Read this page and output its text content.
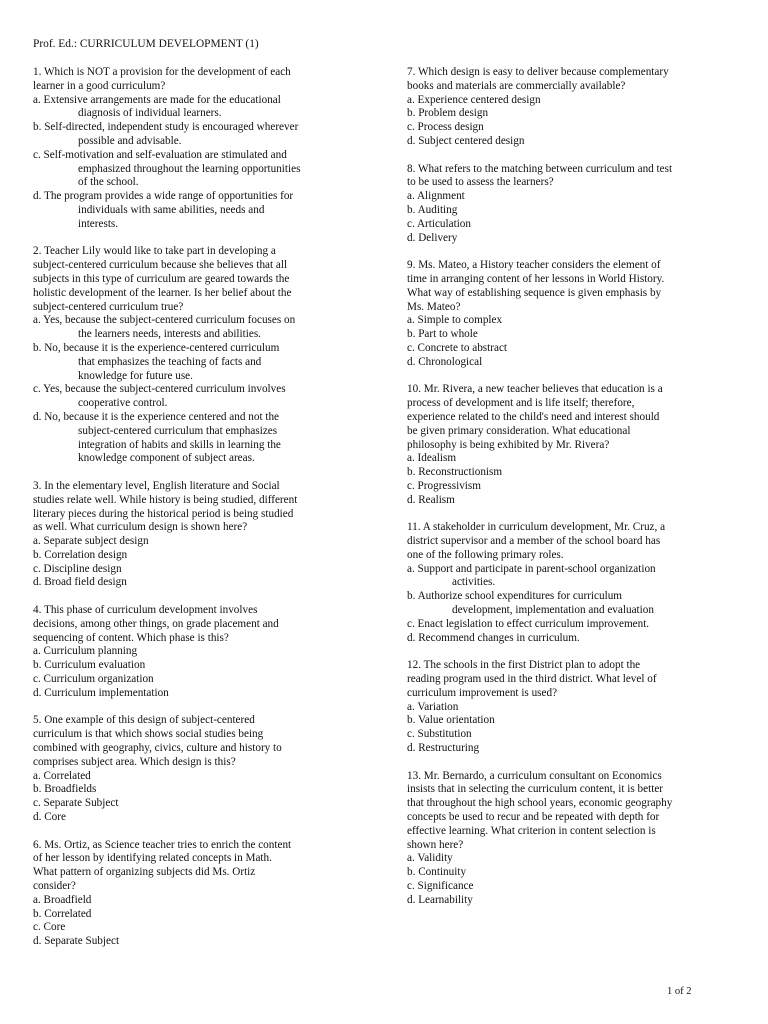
Prof. Ed.: CURRICULUM DEVELOPMENT (1)
1. Which is NOT a provision for the development of each
learner in a good curriculum?
a. Extensive arrangements are made for the educational
diagnosis of individual learners.
b. Self-directed, independent study is encouraged wherever
possible and advisable.
c. Self-motivation and self-evaluation are stimulated and
emphasized throughout the learning opportunities
of the school.
d. The program provides a wide range of opportunities for
individuals with same abilities, needs and
interests.
2. Teacher Lily would like to take part in developing a
subject-centered curriculum because she believes that all
subjects in this type of curriculum are geared towards the
holistic development of the learner. Is her belief about the
subject-centered curriculum true?
a. Yes, because the subject-centered curriculum focuses on
the learners needs, interests and abilities.
b. No, because it is the experience-centered curriculum
that emphasizes the teaching of facts and
knowledge for future use.
c. Yes, because the subject-centered curriculum involves
cooperative control.
d. No, because it is the experience centered and not the
subject-centered curriculum that emphasizes
integration of habits and skills in learning the
knowledge component of subject areas.
3. In the elementary level, English literature and Social
studies relate well. While history is being studied, different
literary pieces during the historical period is being studied
as well. What curriculum design is shown here?
a. Separate subject design
b. Correlation design
c. Discipline design
d. Broad field design
4. This phase of curriculum development involves
decisions, among other things, on grade placement and
sequencing of content. Which phase is this?
a. Curriculum planning
b. Curriculum evaluation
c. Curriculum organization
d. Curriculum implementation
5. One example of this design of subject-centered
curriculum is that which shows social studies being
combined with geography, civics, culture and history to
comprises subject area. Which design is this?
a. Correlated
b. Broadfields
c. Separate Subject
d. Core
6. Ms. Ortiz, as Science teacher tries to enrich the content
of her lesson by identifying related concepts in Math.
What pattern of organizing subjects did Ms. Ortiz
consider?
a. Broadfield
b. Correlated
c. Core
d. Separate Subject
7. Which design is easy to deliver because complementary
books and materials are commercially available?
a. Experience centered design
b. Problem design
c. Process design
d. Subject centered design
8. What refers to the matching between curriculum and test
to be used to assess the learners?
a. Alignment
b. Auditing
c. Articulation
d. Delivery
9. Ms. Mateo, a History teacher considers the element of
time in arranging content of her lessons in World History.
What way of establishing sequence is given emphasis by
Ms. Mateo?
a. Simple to complex
b. Part to whole
c. Concrete to abstract
d. Chronological
10. Mr. Rivera, a new teacher believes that education is a
process of development and is life itself; therefore,
experience related to the child's need and interest should
be given primary consideration. What educational
philosophy is being exhibited by Mr. Rivera?
a. Idealism
b. Reconstructionism
c. Progressivism
d. Realism
11. A stakeholder in curriculum development, Mr. Cruz, a
district supervisor and a member of the school board has
one of the following primary roles.
a. Support and participate in parent-school organization
activities.
b. Authorize school expenditures for curriculum
development, implementation and evaluation
c. Enact legislation to effect curriculum improvement.
d. Recommend changes in curriculum.
12. The schools in the first District plan to adopt the
reading program used in the third district. What level of
curriculum improvement is used?
a. Variation
b. Value orientation
c. Substitution
d. Restructuring
13. Mr. Bernardo, a curriculum consultant on Economics
insists that in selecting the curriculum content, it is better
that throughout the high school years, economic geography
concepts be used to recur and be repeated with depth for
effective learning. What criterion in content selection is
shown here?
a. Validity
b. Continuity
c. Significance
d. Learnability
1 of 2
